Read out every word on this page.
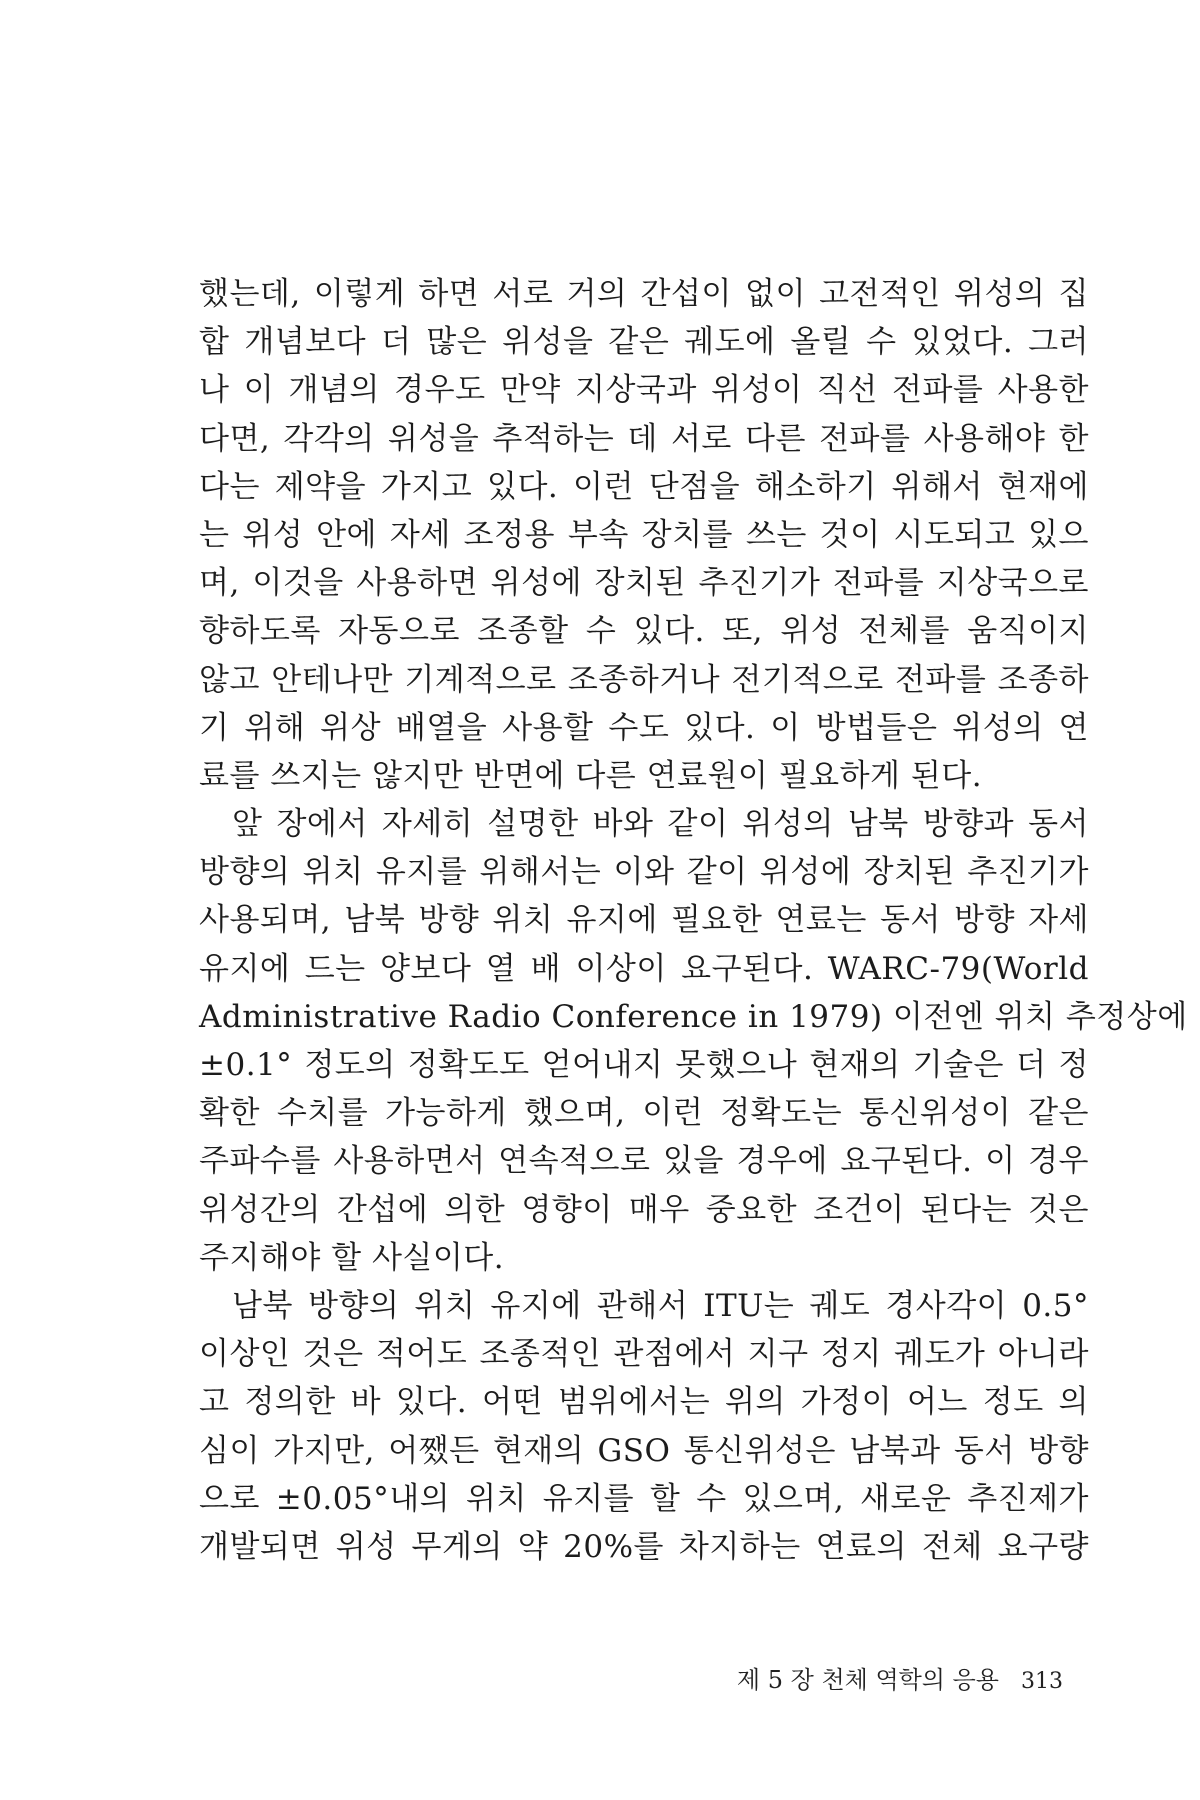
했는데, 이렇게 하면 서로 거의 간섭이 없이 고전적인 위성의 집
합 개념보다 더 많은 위성을 같은 궤도에 올릴 수 있었다. 그러
나 이 개념의 경우도 만약 지상국과 위성이 직선 전파를 사용한
다면, 각각의 위성을 추적하는 데 서로 다른 전파를 사용해야 한
다는 제약을 가지고 있다. 이런 단점을 해소하기 위해서 현재에
는 위성 안에 자세 조정용 부속 장치를 쓰는 것이 시도되고 있으
며, 이것을 사용하면 위성에 장치된 추진기가 전파를 지상국으로
향하도록 자동으로 조종할 수 있다. 또, 위성 전체를 움직이지
않고 안테나만 기계적으로 조종하거나 전기적으로 전파를 조종하
기 위해 위상 배열을 사용할 수도 있다. 이 방법들은 위성의 연
료를 쓰지는 않지만 반면에 다른 연료원이 필요하게 된다.
앞 장에서 자세히 설명한 바와 같이 위성의 남북 방향과 동서
방향의 위치 유지를 위해서는 이와 같이 위성에 장치된 추진기가
사용되며, 남북 방향 위치 유지에 필요한 연료는 동서 방향 자세
유지에 드는 양보다 열 배 이상이 요구된다. WARC-79(World
Administrative Radio Conference in 1979) 이전엔 위치 추정상에
±0.1° 정도의 정확도도 얻어내지 못했으나 현재의 기술은 더 정
확한 수치를 가능하게 했으며, 이런 정확도는 통신위성이 같은
주파수를 사용하면서 연속적으로 있을 경우에 요구된다. 이 경우
위성간의 간섭에 의한 영향이 매우 중요한 조건이 된다는 것은
주지해야 할 사실이다.
남북 방향의 위치 유지에 관해서 ITU는 궤도 경사각이 0.5°
이상인 것은 적어도 조종적인 관점에서 지구 정지 궤도가 아니라
고 정의한 바 있다. 어떤 범위에서는 위의 가정이 어느 정도 의
심이 가지만, 어쨌든 현재의 GSO 통신위성은 남북과 동서 방향
으로 ±0.05°내의 위치 유지를 할 수 있으며, 새로운 추진제가
개발되면 위성 무게의 약 20%를 차지하는 연료의 전체 요구량
제 5 장 천체 역학의 응용 313
